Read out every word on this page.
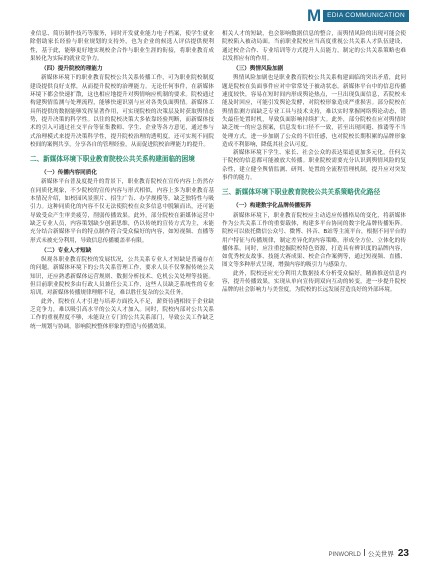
M EDIA COMMUNICATION

业信息、简历制作技巧等服务，同时开发就业能力电子档案，使学生就业除借助家长经验与职业规划的支持外，也为企业的候选人评估提供便利性，基于此，能够更好地实现校企合作与职业生涯的衔接，将职业教育成果转化为实际的就业竞争力。

（四）提升院校的理能力

新媒体环境下的职业教育院校公共关系传播工作，可为职业院校制度建设提供良好支撑，从而提升院校的治理能力。无论任何事件，在新媒体环境下都会快速扩散，这也相应地提升对舆情响应机制的要求。院校通过构建舆情监测与处理流程，能够快速识别与应对各类负面舆情。新媒体工具所提供的数据能够发挥显著作用，可实现院校的决策层及时获取舆情态势，提升决策的科学性。以往的院校决策大多依靠经验判断，而新媒体技术的引入可通过社交平台等征集教师、学生、企业等各方意见，通过参与式治理模式来提升决策科学性，提升院校治理的透明度，还可实现不同院校间的案例共享，分享各自的管理经验，从而促进院校治理能力的提升。

二、新媒体环境下职业教育院校公共关系构建面临的困境
（一）传播内容同质化

新媒体平台普及度提升的背景下，职业教育院校在宣传内容上仍然存在同质化现象，不少院校的宣传内容与形式相似，内容上多为职业教育基本情况介绍，如校园风景照片、招生广告、办学规模等，缺乏独特性与吸引力。这种同质化的内容不仅无法使院校在众多信息中脱颖而出，还可能导致受众产生审美疲劳，削弱传播效果。此外，部分院校在新媒体运营中缺乏专业人员，内容策划缺少创新思维，仍以传统的宣传方式为主，未能充分结合新媒体平台的特点制作符合受众偏好的内容，如短视频、直播等形式未被充分利用，导致信息传播覆盖率有限。

（二）专业人才短缺

纵观各职业教育院校的发展状况，公共关系专业人才短缺是普遍存在的问题。新媒体环境下的公共关系管理工作，要求人员不仅掌握传统公关知识，还应熟悉新媒体运营规则、数据分析技术、危机公关处理等技能。但目前职业院校多由行政人员兼任公关工作，这些人员缺乏系统性的专业培训，对新媒体传播规律理解不足，难以胜任复杂的公关任务。

此外，院校在人才引进与培养方面投入不足，薪资待遇相较于企业缺乏竞争力，难以吸引高水平的公关人才加入。同时，院校内部对公共关系工作的重视程度不够，未能设立专门的公共关系部门，导致公关工作缺乏统一规划与协调，影响院校整体形象的塑造与传播效果。

相关人才的短缺，也会影响数据信息的整合，而舆情风险的出现可能会使院校陷入被动局面。当前职业院校应当高度重视公共关系人才队伍建设，通过校企合作、专业培训等方式提升人员能力，制定的公共关系策略也难以发挥应有的作用。

（三）舆情风险加剧

舆情风险加剧也是职业教育院校公共关系构建面临的突出矛盾，此问题是院校在负面事件应对中常常处于被动状态。新媒体平台中的信息传播速度较快，容易在短时间内形成舆论热点，一旦出现负面信息，若院校未能及时回应，可能引发舆论发酵，对院校形象造成严重损害。部分院校在舆情监测方面缺乏专业工具与技术支持，难以实时掌握网络舆论动态，错失最佳处置时机，导致负面影响持续扩大。此外，部分院校在应对舆情时缺乏统一的应急预案，信息发布口径不一致，甚至出现回避、推诿等不当处理方式，进一步加剧了公众的不信任感，也对院校长期积累的品牌形象造成不利影响，降低其社会认可度。

新媒体环境下学生、家长、社会公众的表达渠道更加多元化，任何关于院校的信息都可能被放大传播。职业院校需要充分认识到舆情风险的复杂性，建立健全舆情监测、研判、处置的全流程管理机制，提升应对突发事件的能力。

三、新媒体环境下职业教育院校公共关系策略优化路径
（一）构建数字化品牌传播矩阵

新媒体环境下，职业教育院校应主动适应传播格局的变化，将新媒体作为公共关系工作的重要载体，构建多平台协同的数字化品牌传播矩阵。院校可以依托微信公众号、微博、抖音、B站等主流平台，根据不同平台的用户特征与传播规律，制定差异化的内容策略，形成全方位、立体化的传播体系。同时，应注重挖掘院校特色资源，打造具有辨识度的品牌内容，如优秀校友故事、技能大赛成果、校企合作案例等，通过短视频、直播、图文等多种形式呈现，增强内容的吸引力与感染力。

此外，院校还应充分利用大数据技术分析受众偏好，精准推送信息内容，提升传播效果，实现从单向宣传到双向互动的转变，进一步提升院校品牌的社会影响力与美誉度，为院校的长远发展营造良好的外部环境。

PINWORLD 公关世界 23
